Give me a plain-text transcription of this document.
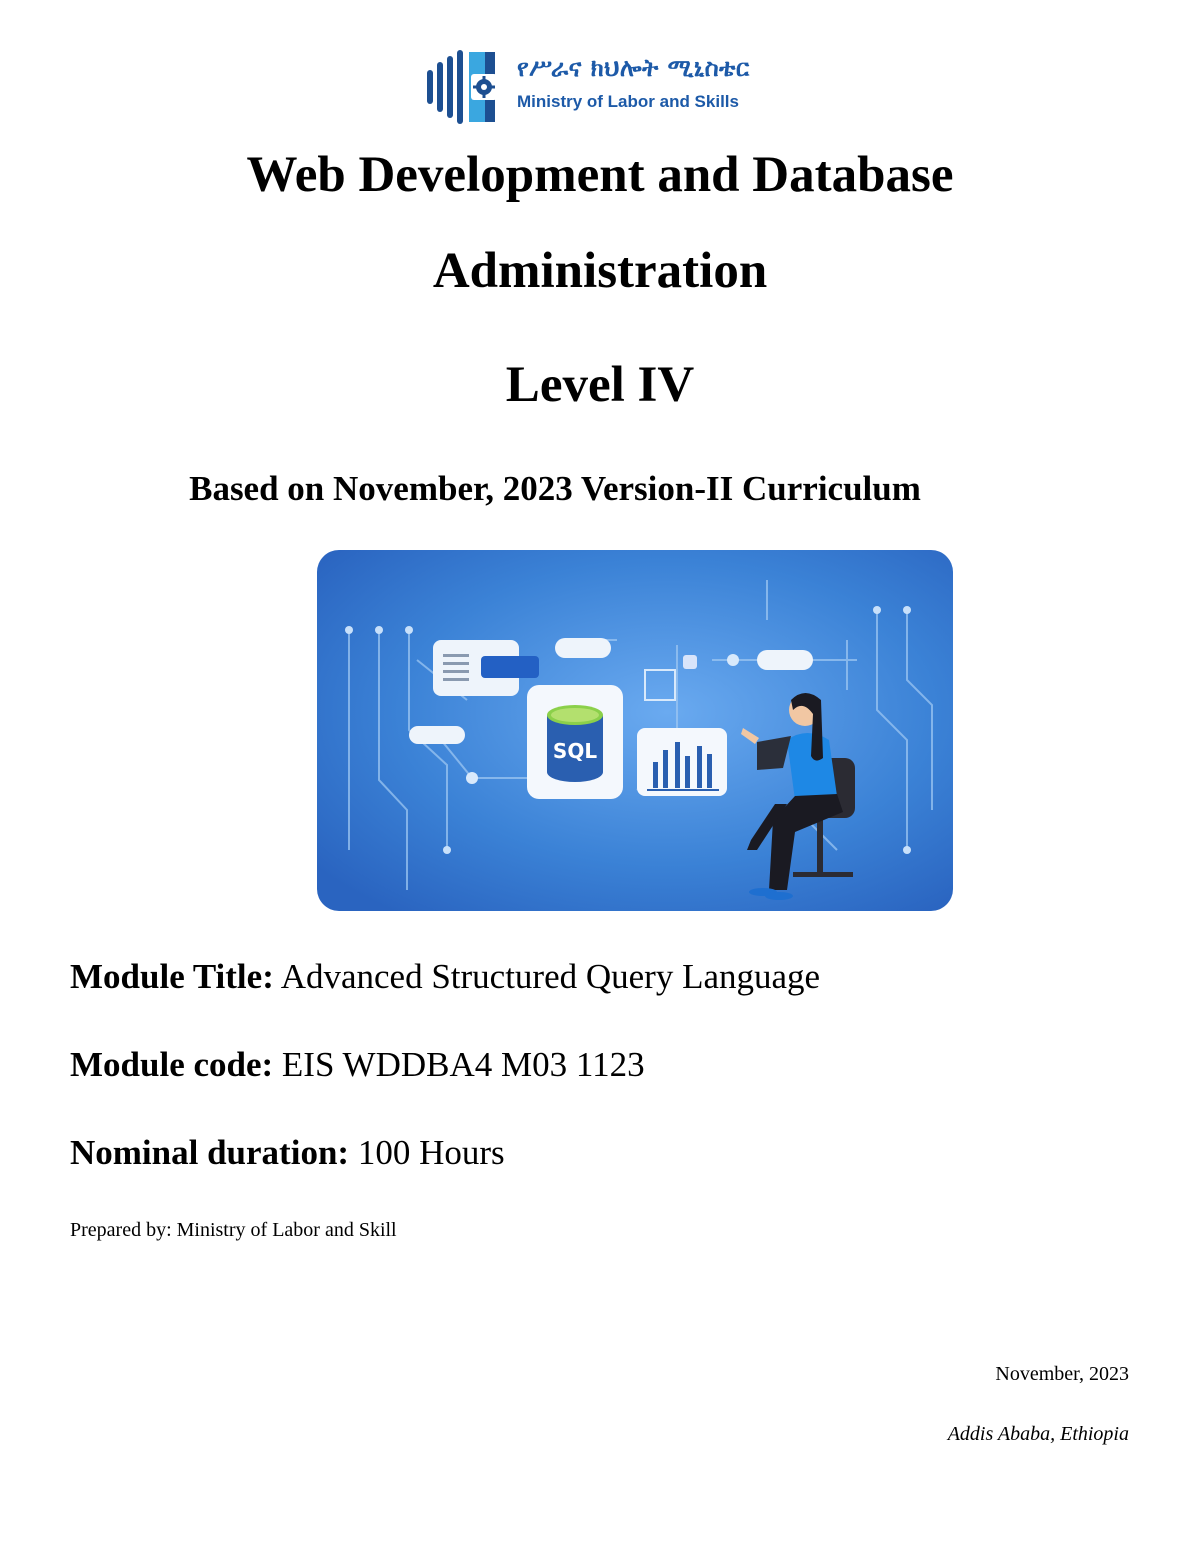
የሥራና ክህሎት ሚኒስቴር
Ministry of Labor and Skills
Web Development and Database
Administration
Level IV
Based on November, 2023 Version-II Curriculum
SQL
Module Title: Advanced Structured Query Language
Module code: EIS WDDBA4 M03 1123
Nominal duration: 100 Hours
Prepared by: Ministry of Labor and Skill
November, 2023
Addis Ababa, Ethiopia
